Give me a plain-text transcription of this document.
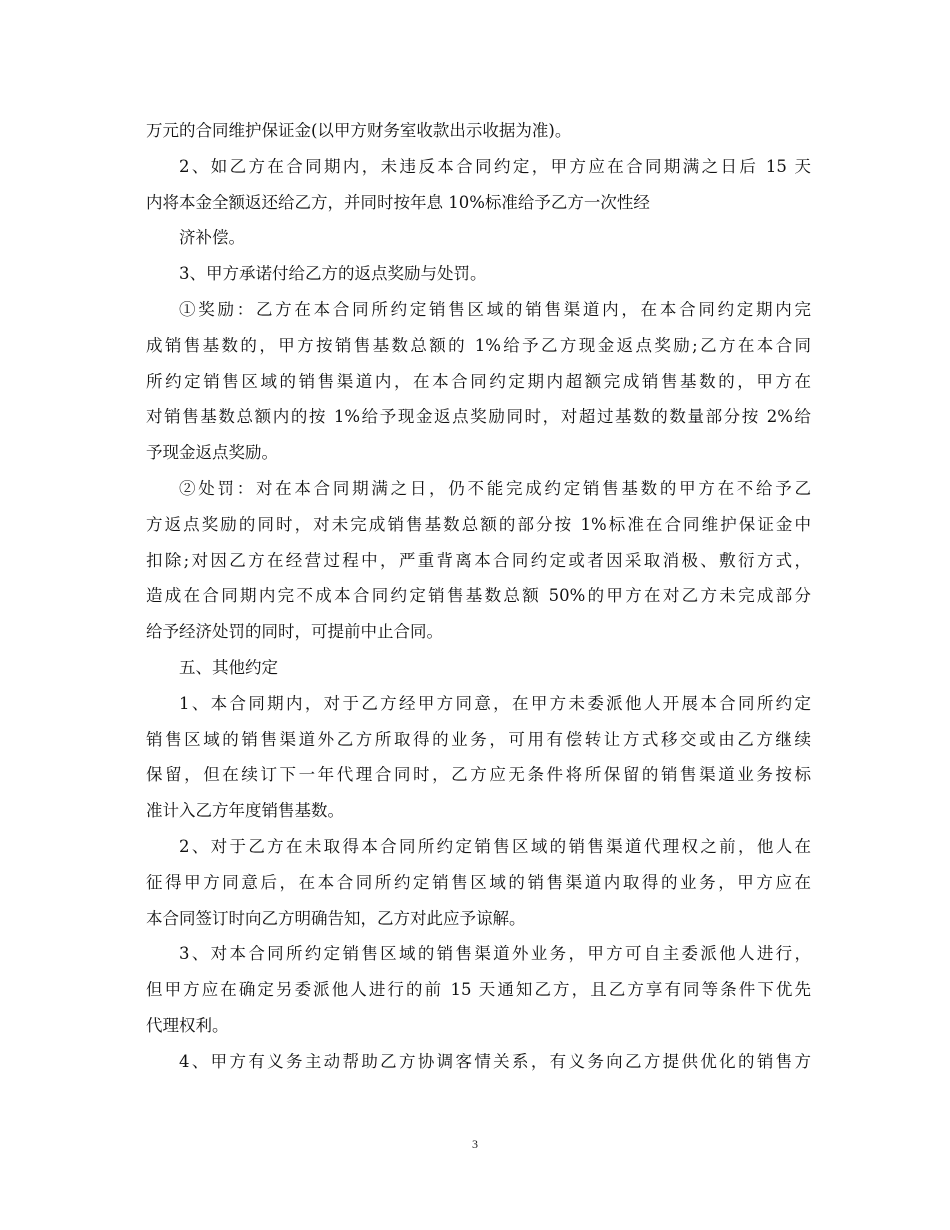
万元的合同维护保证金(以甲方财务室收款出示收据为准)。
2、如乙方在合同期内，未违反本合同约定，甲方应在合同期满之日后 15 天
内将本金全额返还给乙方，并同时按年息 10%标准给予乙方一次性经
济补偿。
3、甲方承诺付给乙方的返点奖励与处罚。
①奖励：乙方在本合同所约定销售区域的销售渠道内，在本合同约定期内完
成销售基数的，甲方按销售基数总额的 1%给予乙方现金返点奖励;乙方在本合同
所约定销售区域的销售渠道内，在本合同约定期内超额完成销售基数的，甲方在
对销售基数总额内的按 1%给予现金返点奖励同时，对超过基数的数量部分按 2%给
予现金返点奖励。
②处罚：对在本合同期满之日，仍不能完成约定销售基数的甲方在不给予乙
方返点奖励的同时，对未完成销售基数总额的部分按 1%标准在合同维护保证金中
扣除;对因乙方在经营过程中，严重背离本合同约定或者因采取消极、敷衍方式，
造成在合同期内完不成本合同约定销售基数总额 50%的甲方在对乙方未完成部分
给予经济处罚的同时，可提前中止合同。
五、其他约定
1、本合同期内，对于乙方经甲方同意，在甲方未委派他人开展本合同所约定
销售区域的销售渠道外乙方所取得的业务，可用有偿转让方式移交或由乙方继续
保留，但在续订下一年代理合同时，乙方应无条件将所保留的销售渠道业务按标
准计入乙方年度销售基数。
2、对于乙方在未取得本合同所约定销售区域的销售渠道代理权之前，他人在
征得甲方同意后，在本合同所约定销售区域的销售渠道内取得的业务，甲方应在
本合同签订时向乙方明确告知，乙方对此应予谅解。
3、对本合同所约定销售区域的销售渠道外业务，甲方可自主委派他人进行，
但甲方应在确定另委派他人进行的前 15 天通知乙方，且乙方享有同等条件下优先
代理权利。
4、甲方有义务主动帮助乙方协调客情关系，有义务向乙方提供优化的销售方
3
